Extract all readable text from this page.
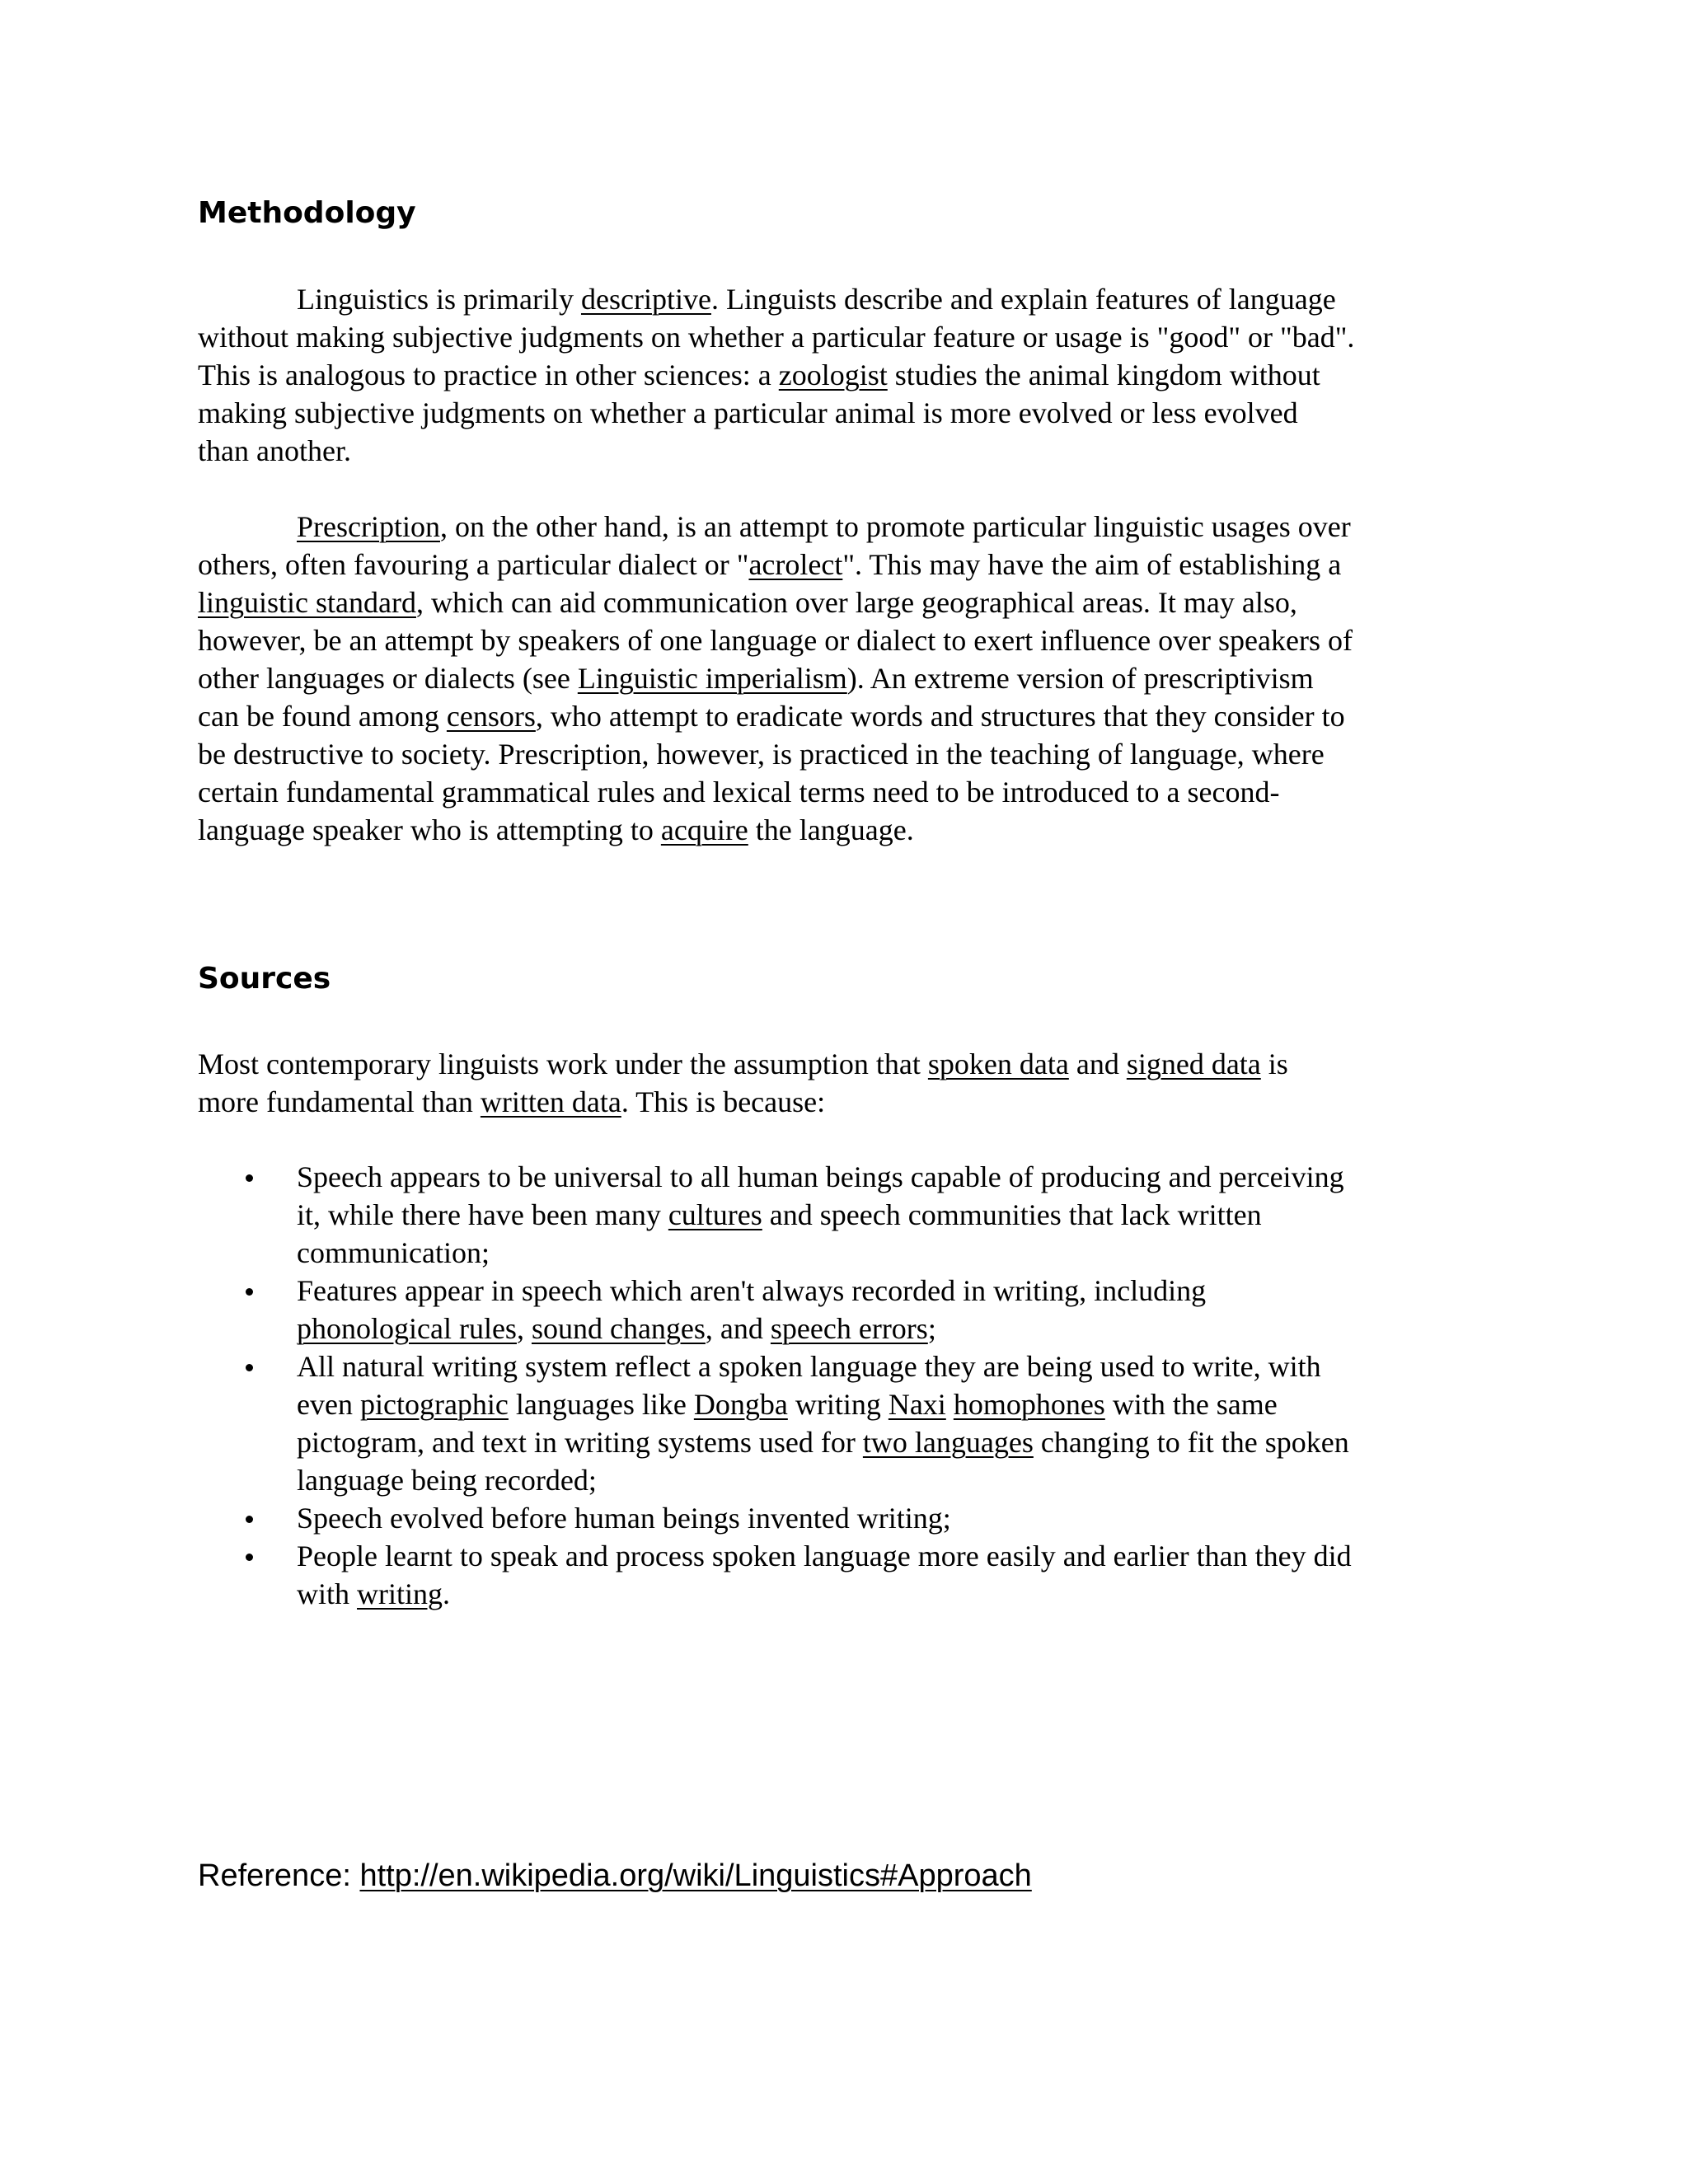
Methodology

Linguistics is primarily descriptive. Linguists describe and explain features of language
without making subjective judgments on whether a particular feature or usage is "good" or "bad".
This is analogous to practice in other sciences: a zoologist studies the animal kingdom without
making subjective judgments on whether a particular animal is more evolved or less evolved
than another.

Prescription, on the other hand, is an attempt to promote particular linguistic usages over
others, often favouring a particular dialect or "acrolect". This may have the aim of establishing a
linguistic standard, which can aid communication over large geographical areas. It may also,
however, be an attempt by speakers of one language or dialect to exert influence over speakers of
other languages or dialects (see Linguistic imperialism). An extreme version of prescriptivism
can be found among censors, who attempt to eradicate words and structures that they consider to
be destructive to society. Prescription, however, is practiced in the teaching of language, where
certain fundamental grammatical rules and lexical terms need to be introduced to a second-
language speaker who is attempting to acquire the language.

Sources

Most contemporary linguists work under the assumption that spoken data and signed data is
more fundamental than written data. This is because:

Speech appears to be universal to all human beings capable of producing and perceiving
it, while there have been many cultures and speech communities that lack written
communication;
Features appear in speech which aren't always recorded in writing, including
phonological rules, sound changes, and speech errors;
All natural writing system reflect a spoken language they are being used to write, with
even pictographic languages like Dongba writing Naxi homophones with the same
pictogram, and text in writing systems used for two languages changing to fit the spoken
language being recorded;
Speech evolved before human beings invented writing;
People learnt to speak and process spoken language more easily and earlier than they did
with writing.
Reference: http://en.wikipedia.org/wiki/Linguistics#Approach
